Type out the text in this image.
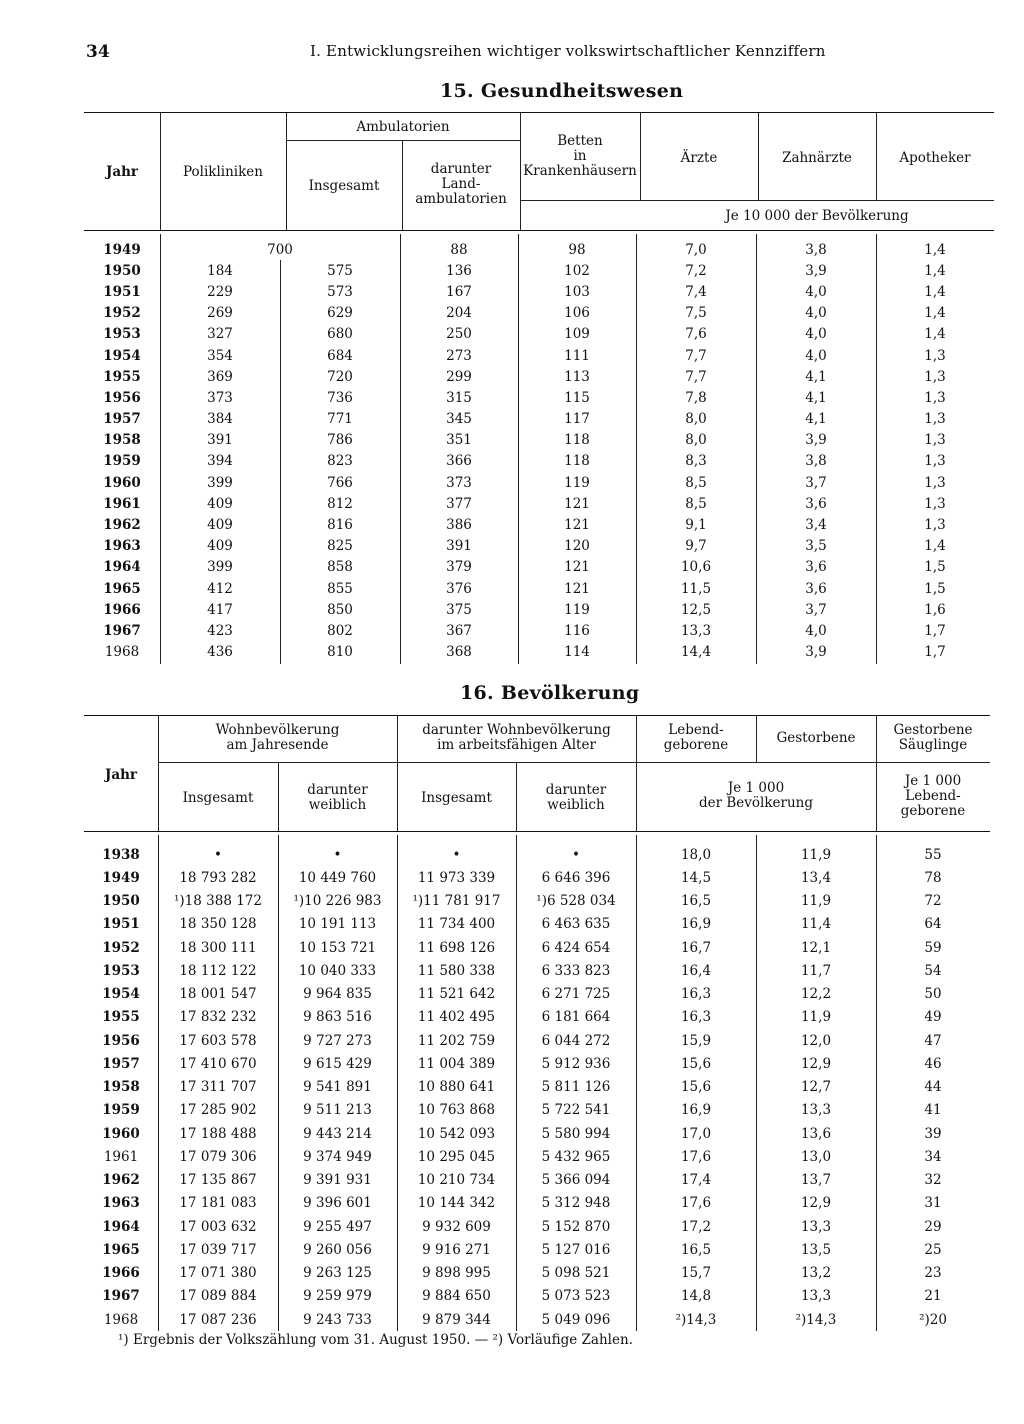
34	I. Entwicklungsreihen wichtiger volkswirtschaftlicher Kennziffern
15. Gesundheitswesen
Jahr	Polikliniken
Ambulatorien
Insgesamt
darunter
Land-
ambulatorien
Betten
in
Krankenhäusern
Ärzte	Zahnärzte	Apotheker
Je 10 000 der Bevölkerung
1949	700		88	98	7,0	3,8	1,4
1950	184	575	136	102	7,2	3,9	1,4
1951	229	573	167	103	7,4	4,0	1,4
1952	269	629	204	106	7,5	4,0	1,4
1953	327	680	250	109	7,6	4,0	1,4
1954	354	684	273	111	7,7	4,0	1,3
1955	369	720	299	113	7,7	4,1	1,3
1956	373	736	315	115	7,8	4,1	1,3
1957	384	771	345	117	8,0	4,1	1,3
1958	391	786	351	118	8,0	3,9	1,3
1959	394	823	366	118	8,3	3,8	1,3
1960	399	766	373	119	8,5	3,7	1,3
1961	409	812	377	121	8,5	3,6	1,3
1962	409	816	386	121	9,1	3,4	1,3
1963	409	825	391	120	9,7	3,5	1,4
1964	399	858	379	121	10,6	3,6	1,5
1965	412	855	376	121	11,5	3,6	1,5
1966	417	850	375	119	12,5	3,7	1,6
1967	423	802	367	116	13,3	4,0	1,7
1968	436	810	368	114	14,4	3,9	1,7
16. Bevölkerung
Jahr
Wohnbevölkerung
am Jahresende
darunter Wohnbevölkerung
im arbeitsfähigen Alter
Lebend-
geborene	Gestorbene	Gestorbene
Säuglinge
Insgesamt	darunter
weiblich	Insgesamt	darunter
weiblich
Je 1 000
der Bevölkerung
Je 1 000
Lebend-
geborene
1938	•	•	•	•	18,0	11,9	55
1949	18 793 282	10 449 760	11 973 339	6 646 396	14,5	13,4	78
1950	¹)18 388 172	¹)10 226 983	¹)11 781 917	¹)6 528 034	16,5	11,9	72
1951	18 350 128	10 191 113	11 734 400	6 463 635	16,9	11,4	64
1952	18 300 111	10 153 721	11 698 126	6 424 654	16,7	12,1	59
1953	18 112 122	10 040 333	11 580 338	6 333 823	16,4	11,7	54
1954	18 001 547	9 964 835	11 521 642	6 271 725	16,3	12,2	50
1955	17 832 232	9 863 516	11 402 495	6 181 664	16,3	11,9	49
1956	17 603 578	9 727 273	11 202 759	6 044 272	15,9	12,0	47
1957	17 410 670	9 615 429	11 004 389	5 912 936	15,6	12,9	46
1958	17 311 707	9 541 891	10 880 641	5 811 126	15,6	12,7	44
1959	17 285 902	9 511 213	10 763 868	5 722 541	16,9	13,3	41
1960	17 188 488	9 443 214	10 542 093	5 580 994	17,0	13,6	39
1961	17 079 306	9 374 949	10 295 045	5 432 965	17,6	13,0	34
1962	17 135 867	9 391 931	10 210 734	5 366 094	17,4	13,7	32
1963	17 181 083	9 396 601	10 144 342	5 312 948	17,6	12,9	31
1964	17 003 632	9 255 497	9 932 609	5 152 870	17,2	13,3	29
1965	17 039 717	9 260 056	9 916 271	5 127 016	16,5	13,5	25
1966	17 071 380	9 263 125	9 898 995	5 098 521	15,7	13,2	23
1967	17 089 884	9 259 979	9 884 650	5 073 523	14,8	13,3	21
1968	17 087 236	9 243 733	9 879 344	5 049 096	²)14,3	²)14,3	²)20
¹) Ergebnis der Volkszählung vom 31. August 1950. — ²) Vorläufige Zahlen.
